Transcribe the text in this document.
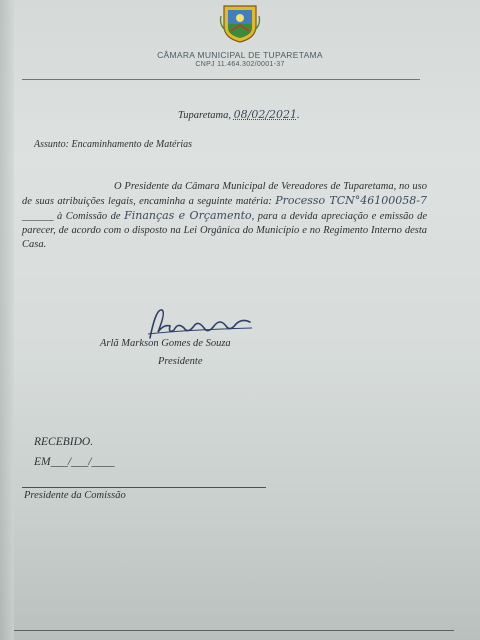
CÂMARA MUNICIPAL DE TUPARETAMA
CNPJ 11.464.302/0001-37
Tuparetama, 08/02/2021.
Assunto: Encaminhamento de Matérias
O Presidente da Câmara Municipal de Vereadores de Tuparetama, no uso de suas atribuições legais, encaminha a seguinte matéria: Processo TCN°46100058-7 ______ à Comissão de Finanças e Orçamento, para a devida apreciação e emissão de parecer, de acordo com o disposto na Lei Orgânica do Município e no Regimento Interno desta Casa.
Arlã Markson Gomes de Souza
Presidente
RECEBIDO.
EM___/___/____
Presidente da Comissão
